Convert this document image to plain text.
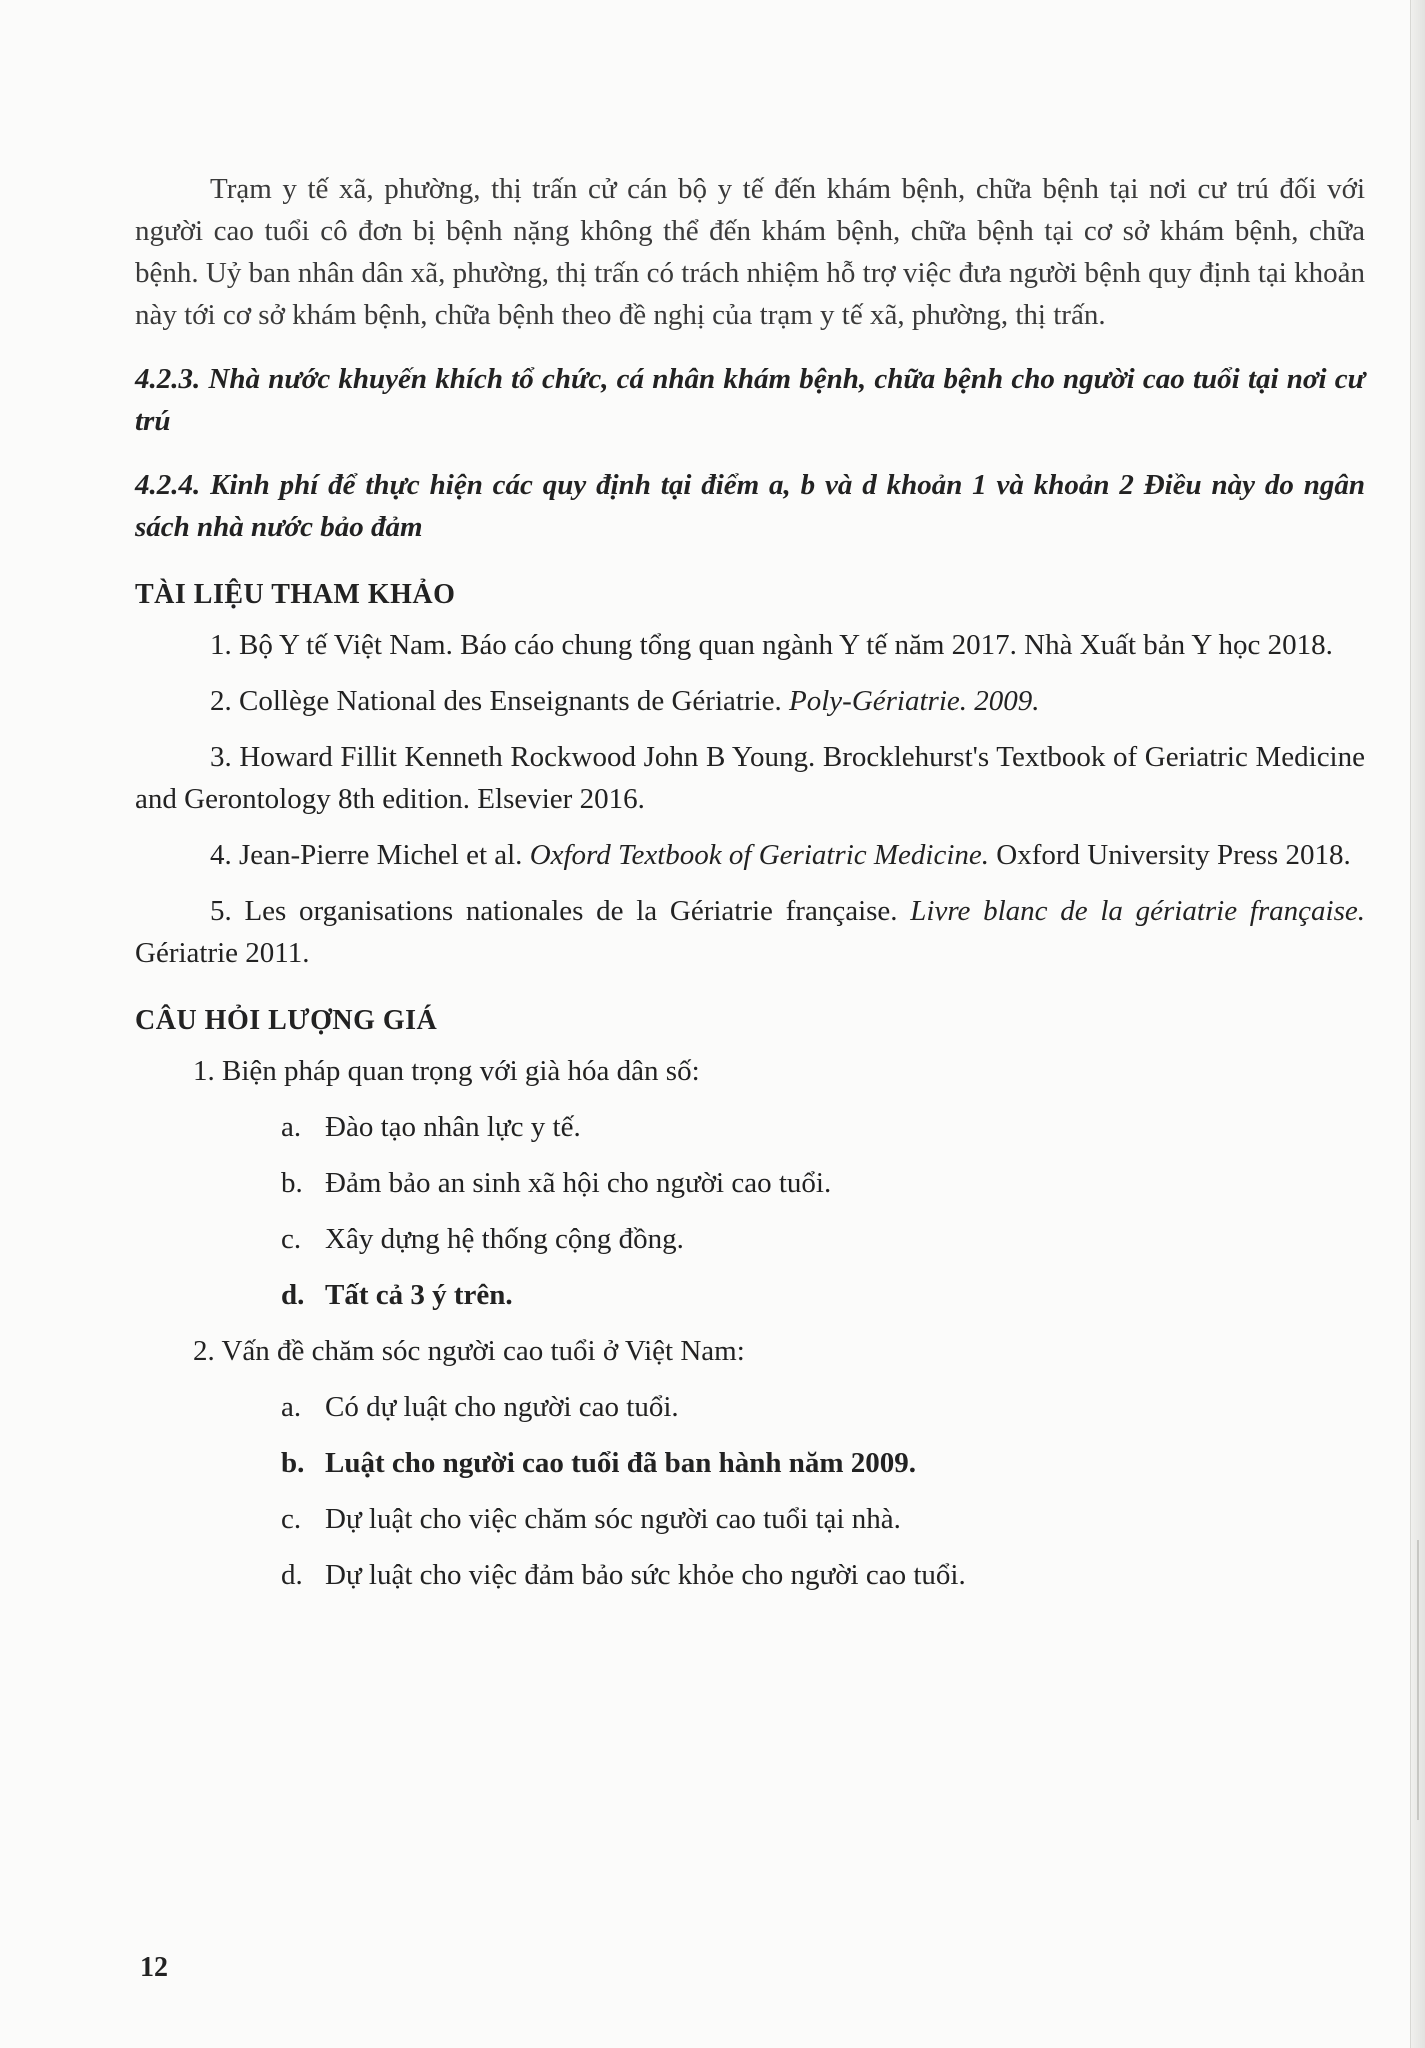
Trạm y tế xã, phường, thị trấn cử cán bộ y tế đến khám bệnh, chữa bệnh tại nơi cư trú đối với người cao tuổi cô đơn bị bệnh nặng không thể đến khám bệnh, chữa bệnh tại cơ sở khám bệnh, chữa bệnh. Uỷ ban nhân dân xã, phường, thị trấn có trách nhiệm hỗ trợ việc đưa người bệnh quy định tại khoản này tới cơ sở khám bệnh, chữa bệnh theo đề nghị của trạm y tế xã, phường, thị trấn.

4.2.3. Nhà nước khuyến khích tổ chức, cá nhân khám bệnh, chữa bệnh cho người cao tuổi tại nơi cư trú

4.2.4. Kinh phí để thực hiện các quy định tại điểm a, b và d khoản 1 và khoản 2 Điều này do ngân sách nhà nước bảo đảm

TÀI LIỆU THAM KHẢO

1. Bộ Y tế Việt Nam. Báo cáo chung tổng quan ngành Y tế năm 2017. Nhà Xuất bản Y học 2018.

2. Collège National des Enseignants de Gériatrie. Poly-Gériatrie. 2009.

3. Howard Fillit Kenneth Rockwood John B Young. Brocklehurst's Textbook of Geriatric Medicine and Gerontology 8th edition. Elsevier 2016.

4. Jean-Pierre Michel et al. Oxford Textbook of Geriatric Medicine. Oxford University Press 2018.

5. Les organisations nationales de la Gériatrie française. Livre blanc de la gériatrie française. Gériatrie 2011.

CÂU HỎI LƯỢNG GIÁ

1. Biện pháp quan trọng với già hóa dân số:

a. Đào tạo nhân lực y tế.
b. Đảm bảo an sinh xã hội cho người cao tuổi.
c. Xây dựng hệ thống cộng đồng.
d. Tất cả 3 ý trên.

2. Vấn đề chăm sóc người cao tuổi ở Việt Nam:

a. Có dự luật cho người cao tuổi.
b. Luật cho người cao tuổi đã ban hành năm 2009.
c. Dự luật cho việc chăm sóc người cao tuổi tại nhà.
d. Dự luật cho việc đảm bảo sức khỏe cho người cao tuổi.
12
